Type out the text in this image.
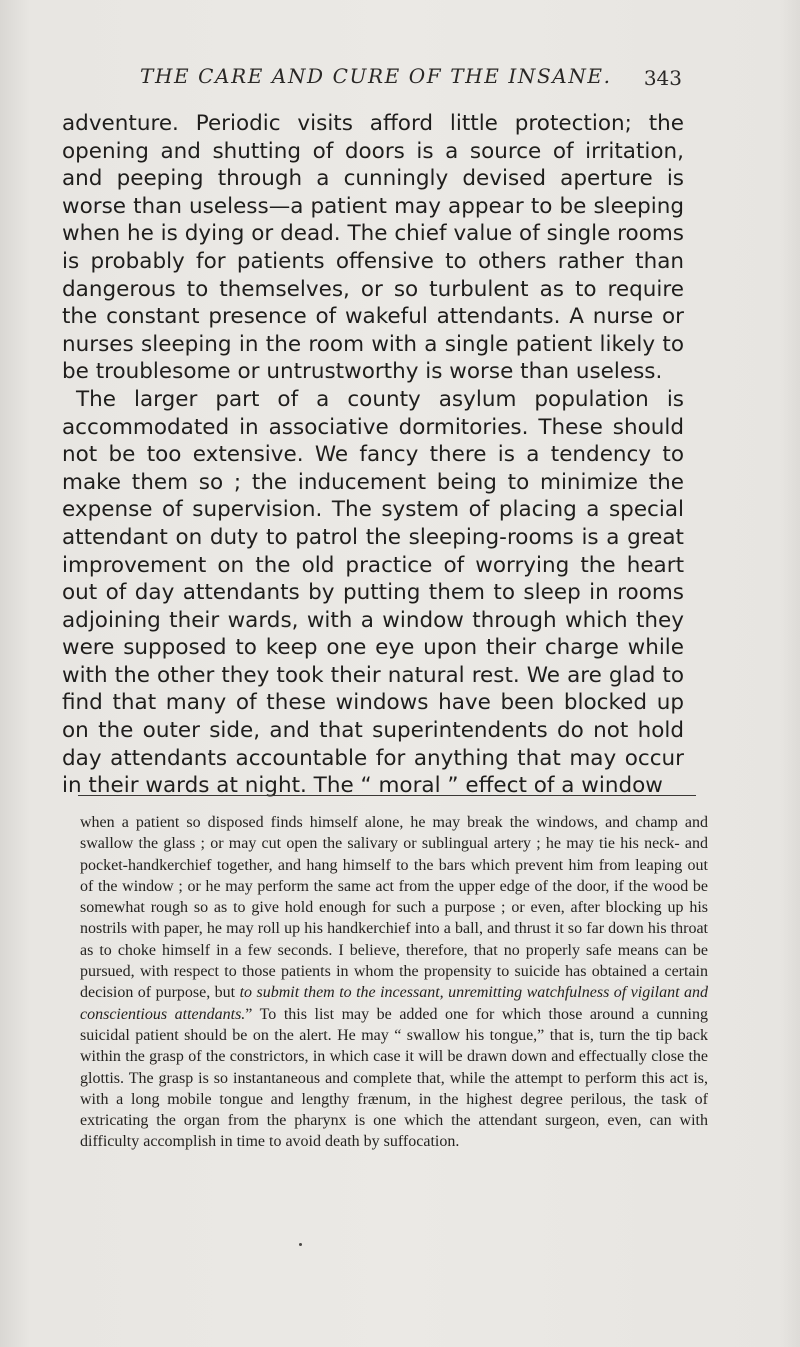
THE CARE AND CURE OF THE INSANE. 343

adventure. Periodic visits afford little protection; the opening and shutting of doors is a source of irritation, and peeping through a cunningly devised aperture is worse than useless—a patient may appear to be sleeping when he is dying or dead. The chief value of single rooms is probably for patients offensive to others rather than dangerous to themselves, or so turbulent as to require the constant presence of wakeful attendants. A nurse or nurses sleeping in the room with a single patient likely to be troublesome or untrustworthy is worse than useless.

The larger part of a county asylum population is accommodated in associative dormitories. These should not be too extensive. We fancy there is a tendency to make them so ; the inducement being to minimize the expense of supervision. The system of placing a special attendant on duty to patrol the sleeping-rooms is a great improvement on the old practice of worrying the heart out of day attendants by putting them to sleep in rooms adjoining their wards, with a window through which they were supposed to keep one eye upon their charge while with the other they took their natural rest. We are glad to find that many of these windows have been blocked up on the outer side, and that superintendents do not hold day attendants accountable for anything that may occur in their wards at night. The “ moral ” effect of a window

when a patient so disposed finds himself alone, he may break the windows, and champ and swallow the glass ; or may cut open the salivary or sublingual artery ; he may tie his neck- and pocket-handkerchief together, and hang himself to the bars which prevent him from leaping out of the window ; or he may perform the same act from the upper edge of the door, if the wood be somewhat rough so as to give hold enough for such a purpose ; or even, after blocking up his nostrils with paper, he may roll up his handkerchief into a ball, and thrust it so far down his throat as to choke himself in a few seconds. I believe, therefore, that no properly safe means can be pursued, with respect to those patients in whom the propensity to suicide has obtained a certain decision of purpose, but to submit them to the incessant, unremitting watchfulness of vigilant and conscientious attendants.” To this list may be added one for which those around a cunning suicidal patient should be on the alert. He may “ swallow his tongue,” that is, turn the tip back within the grasp of the constrictors, in which case it will be drawn down and effectually close the glottis. The grasp is so instantaneous and complete that, while the attempt to perform this act is, with a long mobile tongue and lengthy frænum, in the highest degree perilous, the task of extricating the organ from the pharynx is one which the attendant surgeon, even, can with difficulty accomplish in time to avoid death by suffocation.
